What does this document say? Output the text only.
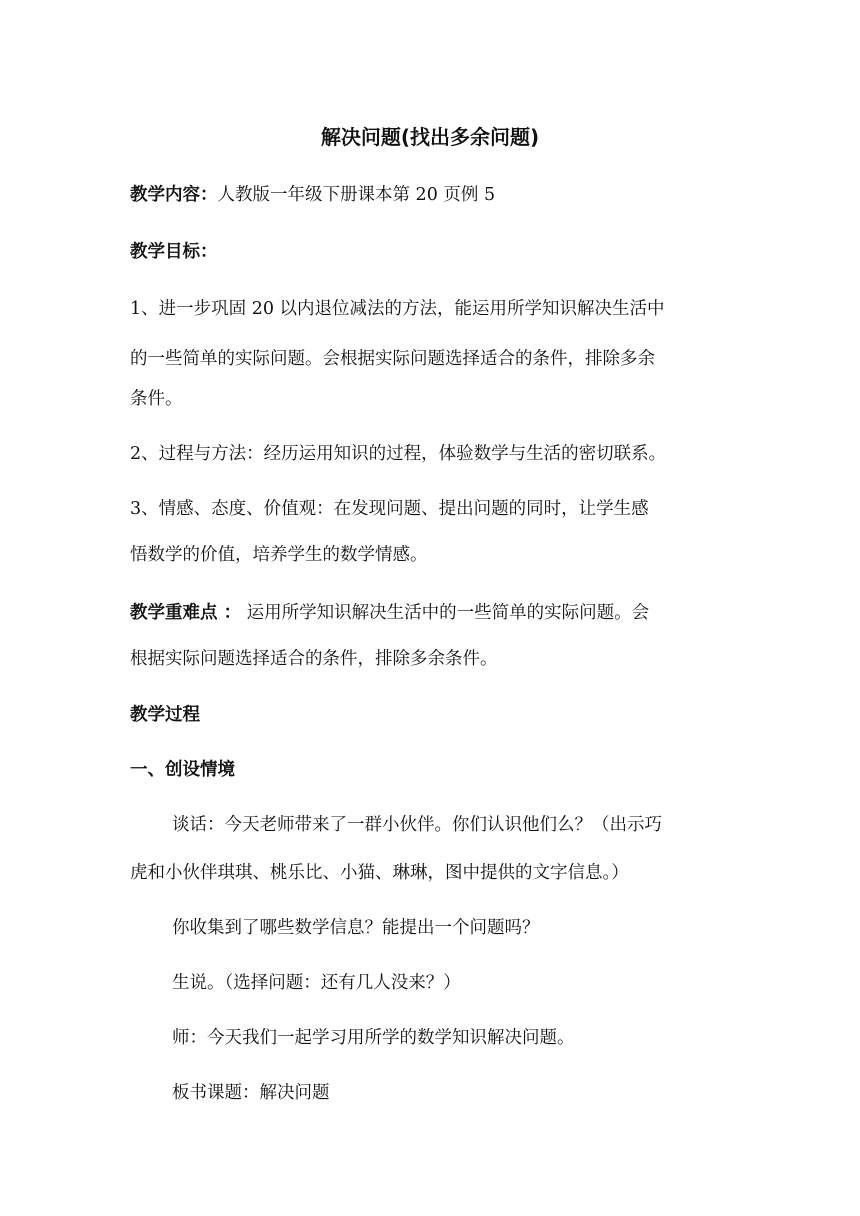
解决问题(找出多余问题)
教学内容：人教版一年级下册课本第 20 页例 5
教学目标：
1、进一步巩固 20 以内退位减法的方法，能运用所学知识解决生活中
的一些简单的实际问题。会根据实际问题选择适合的条件，排除多余
条件。
2、过程与方法：经历运用知识的过程，体验数学与生活的密切联系。
3、情感、态度、价值观：在发现问题、提出问题的同时，让学生感
悟数学的价值，培养学生的数学情感。
教学重难点 ： 运用所学知识解决生活中的一些简单的实际问题。会
根据实际问题选择适合的条件，排除多余条件。
教学过程
一、创设情境
谈话：今天老师带来了一群小伙伴。你们认识他们么？（出示巧
虎和小伙伴琪琪、桃乐比、小猫、琳琳，图中提供的文字信息。）
你收集到了哪些数学信息？能提出一个问题吗？
生说。（选择问题：还有几人没来？）
师：今天我们一起学习用所学的数学知识解决问题。
板书课题：解决问题
